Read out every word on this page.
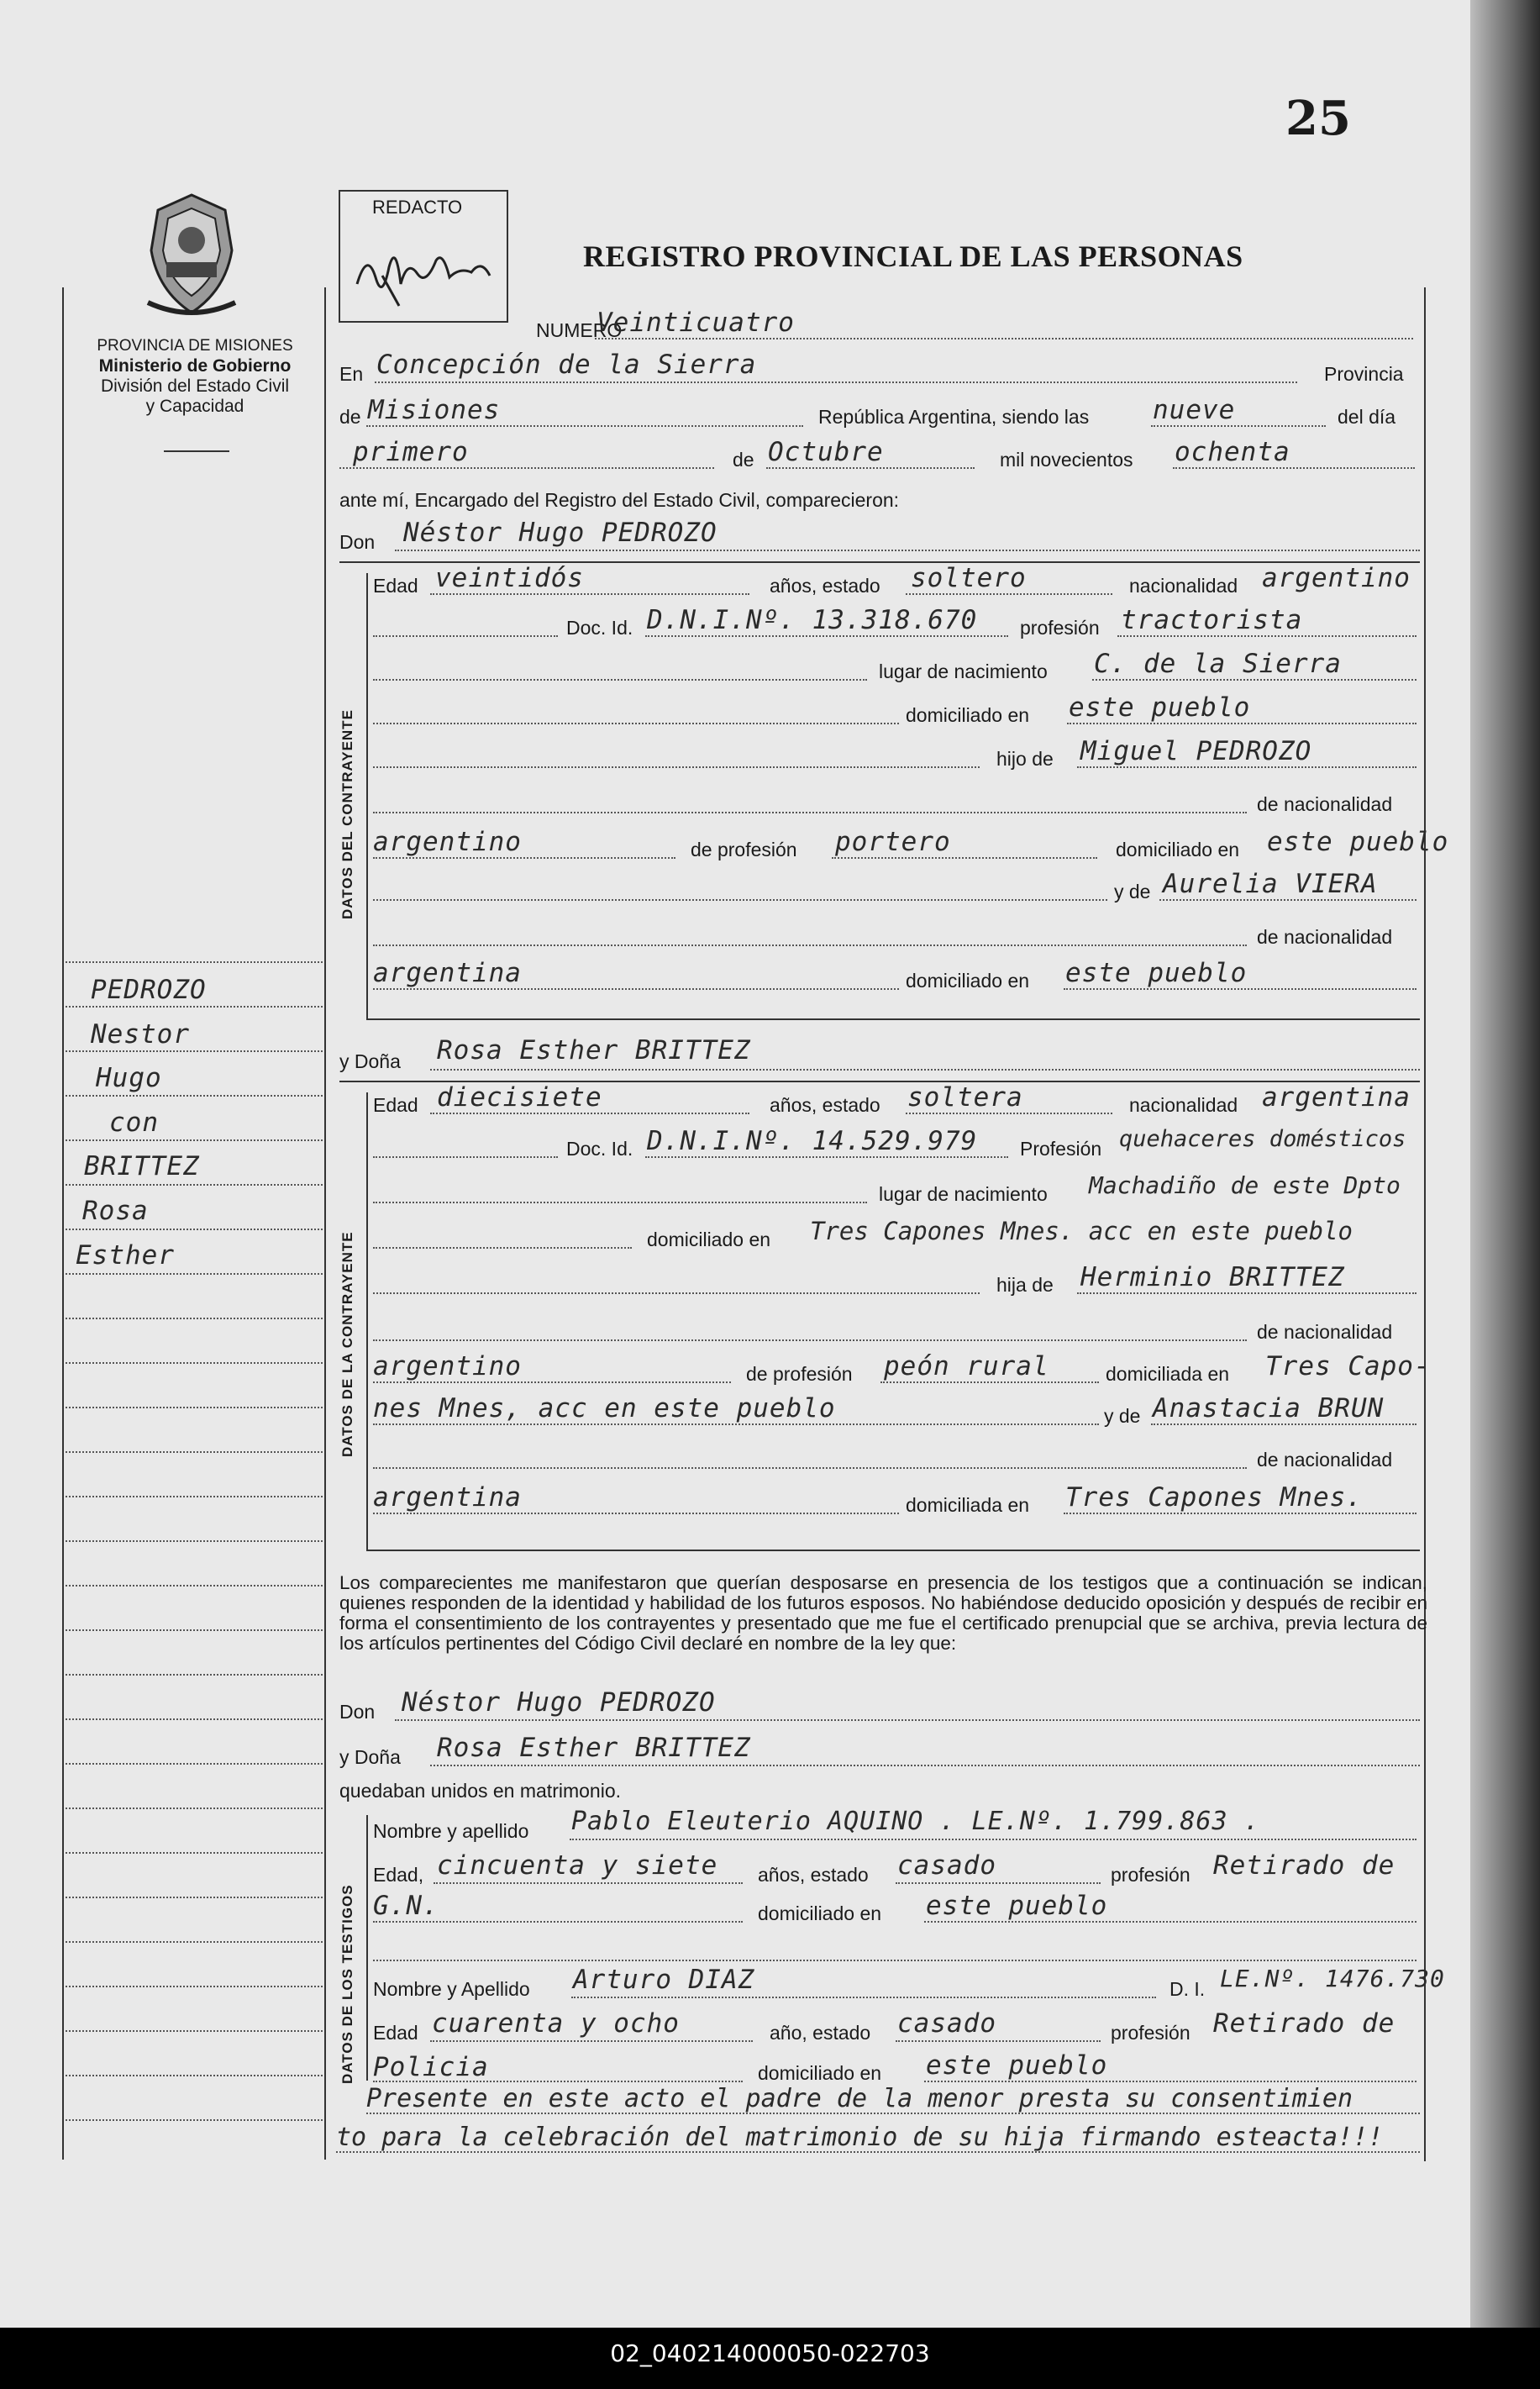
02_040214000050-022703
25
PROVINCIA DE MISIONES
Ministerio de Gobierno
División del Estado Civil
y Capacidad
REDACTO
REGISTRO PROVINCIAL DE LAS PERSONAS
PEDROZO
Nestor
Hugo
con
BRITTEZ
Rosa
Esther
NUMERO
Veinticuatro
En Concepción de la Sierra	Provincia
de Misiones	República Argentina, siendo las nueve	del día
primero	de Octubre	mil novecientos ochenta
ante mí, Encargado del Registro del Estado Civil, comparecieron:
Don Néstor Hugo PEDROZO
DATOS DEL CONTRAYENTE
Edad veintidós	años, estado soltero	nacionalidad argentino
Doc. Id. D.N.I.Nº. 13.318.670 profesión tractorista
lugar de nacimiento C. de la Sierra
domiciliado en este pueblo
hijo de Miguel PEDROZO
de nacionalidad
argentino	de profesión portero	domiciliado en este pueblo
y de Aurelia VIERA
de nacionalidad
argentina	domiciliado en este pueblo
y Doña Rosa Esther BRITTEZ
DATOS DE LA CONTRAYENTE
Edad diecisiete	años, estado soltera	nacionalidad argentina
Doc. Id. D.N.I.Nº. 14.529.979 Profesión quehaceres domésticos
lugar de nacimiento Machadiño de este Dpto
domiciliado en Tres Capones Mnes. acc en este pueblo
hija de Herminio BRITTEZ
de nacionalidad
argentino	de profesión peón rural	domiciliada en Tres Capo-
nes Mnes, acc en este pueblo	y de Anastacia BRUN
de nacionalidad
argentina	domiciliada en Tres Capones Mnes.
Los comparecientes me manifestaron que querían desposarse en presencia de los testigos que a continuación se indican, quienes responden de la identidad y habilidad de los futuros esposos. No habiéndose deducido oposición y después de recibir en forma el consentimiento de los contrayentes y presentado que me fue el certificado prenupcial que se archiva, previa lectura de los artículos pertinentes del Código Civil declaré en nombre de la ley que:
Don Néstor Hugo PEDROZO
y Doña Rosa Esther BRITTEZ
quedaban unidos en matrimonio.
DATOS DE LOS TESTIGOS
Nombre y apellido Pablo Eleuterio AQUINO . LE.Nº. 1.799.863 .
Edad, cincuenta y siete años, estado casado	profesión Retirado de
G.N.	domiciliado en este pueblo
Nombre y Apellido Arturo DIAZ	D. I. LE.Nº. 1476.730
Edad cuarenta y ocho	año, estado casado	profesión Retirado de
Policia	domiciliado en este pueblo
Presente en este acto el padre de la menor presta su consentimien
to para la celebración del matrimonio de su hija firmando esteacta!!!
